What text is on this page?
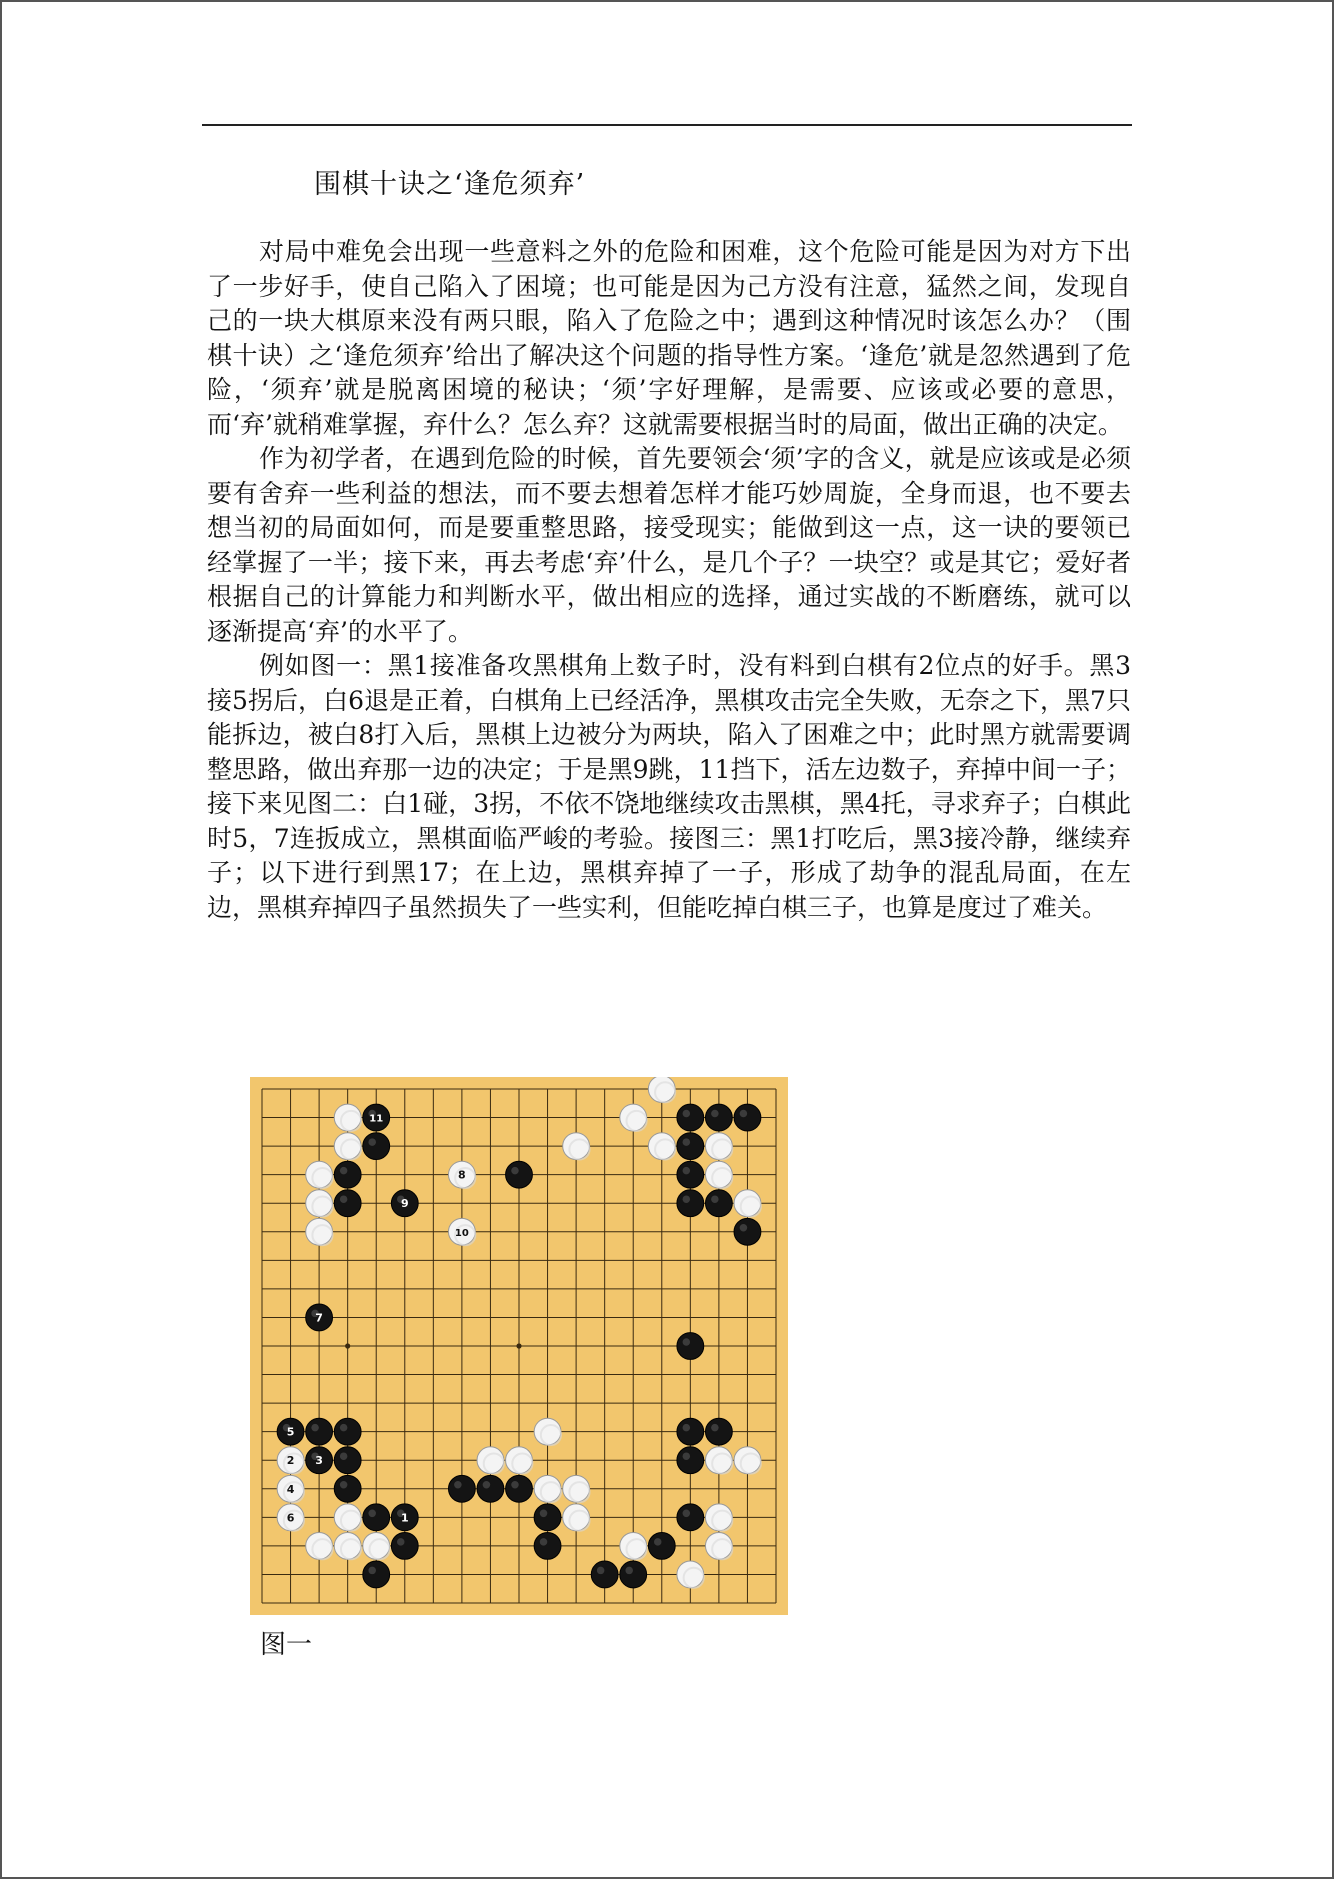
围棋十诀之‘逢危须弃’

对局中难免会出现一些意料之外的危险和困难，这个危险可能是因为对方下出了一步好手，使自己陷入了困境；也可能是因为己方没有注意，猛然之间，发现自己的一块大棋原来没有两只眼，陷入了危险之中；遇到这种情况时该怎么办？（围棋十诀）之‘逢危须弃’给出了解决这个问题的指导性方案。‘逢危’就是忽然遇到了危险，‘须弃’就是脱离困境的秘诀；‘须’字好理解，是需要、应该或必要的意思，而‘弃’就稍难掌握，弃什么？怎么弃？这就需要根据当时的局面，做出正确的决定。

作为初学者，在遇到危险的时候，首先要领会‘须’字的含义，就是应该或是必须要有舍弃一些利益的想法，而不要去想着怎样才能巧妙周旋，全身而退，也不要去想当初的局面如何，而是要重整思路，接受现实；能做到这一点，这一诀的要领已经掌握了一半；接下来，再去考虑‘弃’什么，是几个子？一块空？或是其它；爱好者根据自己的计算能力和判断水平，做出相应的选择，通过实战的不断磨练，就可以逐渐提高‘弃’的水平了。

例如图一：黑1接准备攻黑棋角上数子时，没有料到白棋有2位点的好手。黑3接5拐后，白6退是正着，白棋角上已经活净，黑棋攻击完全失败，无奈之下，黑7只能拆边，被白8打入后，黑棋上边被分为两块，陷入了困难之中；此时黑方就需要调整思路，做出弃那一边的决定；于是黑9跳，11挡下，活左边数子，弃掉中间一子；接下来见图二：白1碰，3拐，不依不饶地继续攻击黑棋，黑4托，寻求弃子；白棋此时5，7连扳成立，黑棋面临严峻的考验。接图三：黑1打吃后，黑3接冷静，继续弃子；以下进行到黑17；在上边，黑棋弃掉了一子，形成了劫争的混乱局面，在左边，黑棋弃掉四子虽然损失了一些实利，但能吃掉白棋三子，也算是度过了难关。

11
8
9
10
7
5
2 3
4
6	1
图一
